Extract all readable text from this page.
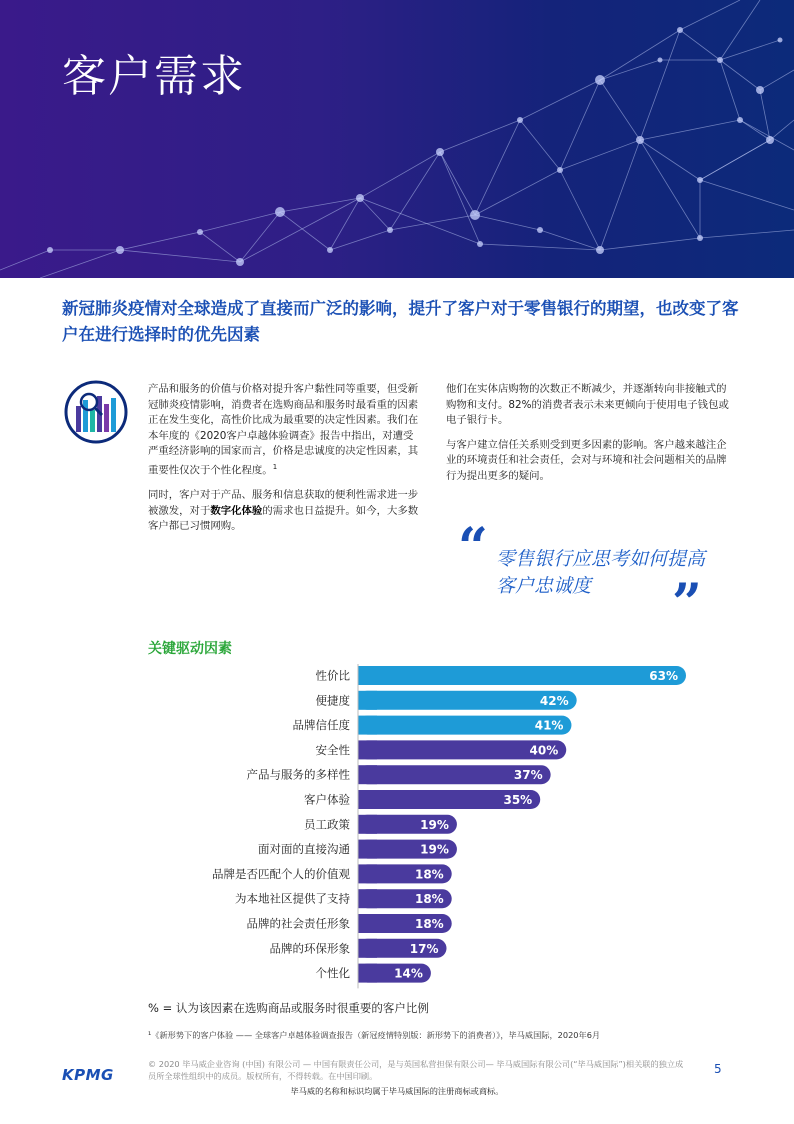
客户需求
新冠肺炎疫情对全球造成了直接而广泛的影响，提升了客户对于零售银行的期望，也改变了客户在进行选择时的优先因素

产品和服务的价值与价格对提升客户黏性同等重要，但受新冠肺炎疫情影响，消费者在选购商品和服务时最看重的因素正在发生变化，高性价比成为最重要的决定性因素。我们在本年度的《2020客户卓越体验调查》报告中指出，对遭受严重经济影响的国家而言，价格是忠诚度的决定性因素，其重要性仅次于个性化程度。$^1$

同时，客户对于产品、服务和信息获取的便利性需求进一步被激发，对于数字化体验的需求也日益提升。如今，大多数客户都已习惯网购。

他们在实体店购物的次数正不断减少，并逐渐转向非接触式的购物和支付。82%的消费者表示未来更倾向于使用电子钱包或电子银行卡。

与客户建立信任关系则受到更多因素的影响。客户越来越注企业的环境责任和社会责任，会对与环境和社会问题相关的品牌行为提出更多的疑问。

“ 零售银行应思考如何提高客户忠诚度	”
关键驱动因素
性价比	63%
便捷度	42%
品牌信任度	41%
安全性	40%
产品与服务的多样性	37%
客户体验	35%
员工政策	19%
面对面的直接沟通	19%
品牌是否匹配个人的价值观	18%
为本地社区提供了支持	18%
品牌的社会责任形象	18%
品牌的环保形象	17%
个性化	14%
% = 认为该因素在选购商品或服务时很重要的客户比例
¹《新形势下的客户体验 —— 全球客户卓越体验调查报告（新冠疫情特别版：新形势下的消费者）》，毕马威国际，2020年6月
KPMG
© 2020 毕马威企业咨询 (中国) 有限公司 — 中国有限责任公司，是与英国私营担保有限公司— 毕马威国际有限公司(“毕马威国际”)相关联的独立成员所全球性组织中的成员。版权所有，不得转载。在中国印刷。	5
毕马威的名称和标识均属于毕马威国际的注册商标或商标。
